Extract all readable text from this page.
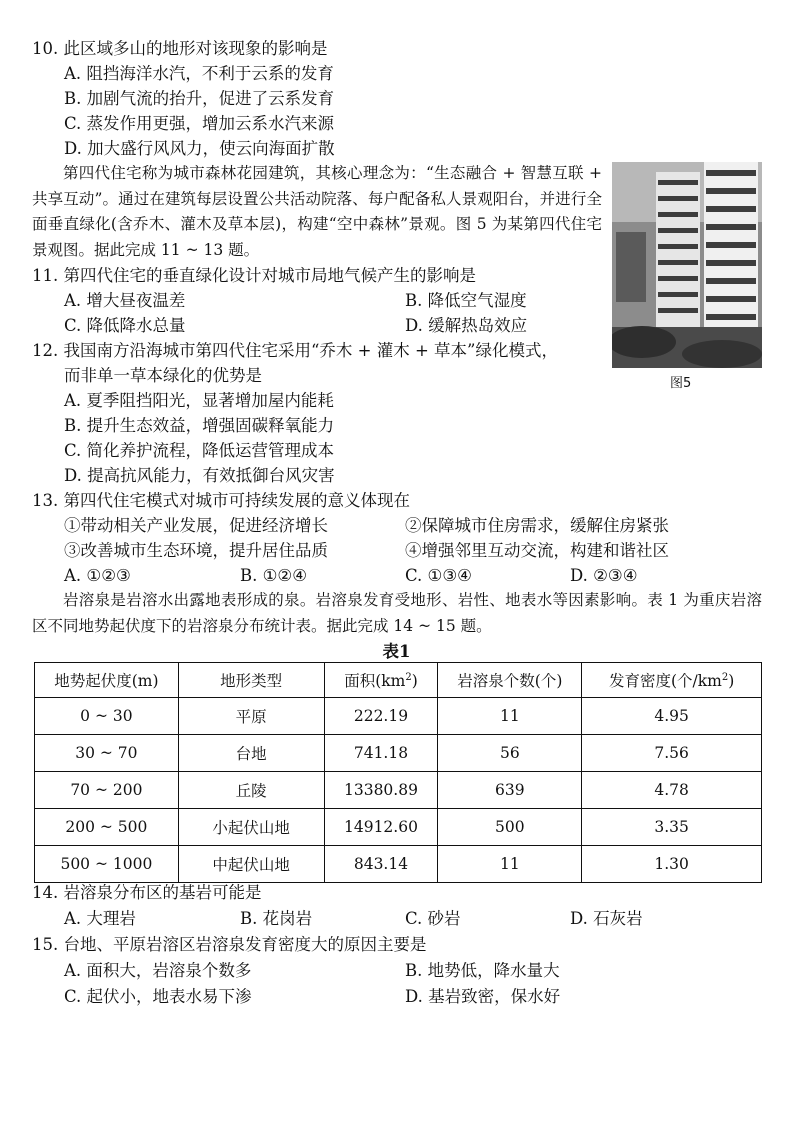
10. 此区域多山的地形对该现象的影响是
A. 阻挡海洋水汽，不利于云系的发育
B. 加剧气流的抬升，促进了云系发育
C. 蒸发作用更强，增加云系水汽来源
D. 加大盛行风风力，使云向海面扩散
第四代住宅称为城市森林花园建筑，其核心理念为：“生态融合 + 智慧互联 + 共享互动”。通过在建筑每层设置公共活动院落、每户配备私人景观阳台，并进行全面垂直绿化(含乔木、灌木及草本层)，构建“空中森林”景观。图 5 为某第四代住宅景观图。据此完成 11 ~ 13 题。
图5
11. 第四代住宅的垂直绿化设计对城市局地气候产生的影响是
A. 增大昼夜温差	B. 降低空气湿度
C. 降低降水总量	D. 缓解热岛效应
12. 我国南方沿海城市第四代住宅采用“乔木 + 灌木 + 草本”绿化模式，
而非单一草本绿化的优势是
A. 夏季阻挡阳光，显著增加屋内能耗
B. 提升生态效益，增强固碳释氧能力
C. 简化养护流程，降低运营管理成本
D. 提高抗风能力，有效抵御台风灾害
13. 第四代住宅模式对城市可持续发展的意义体现在
①带动相关产业发展，促进经济增长	②保障城市住房需求，缓解住房紧张
③改善城市生态环境，提升居住品质	④增强邻里互动交流，构建和谐社区
A. ①②③	B. ①②④	C. ①③④	D. ②③④
岩溶泉是岩溶水出露地表形成的泉。岩溶泉发育受地形、岩性、地表水等因素影响。表 1 为重庆岩溶区不同地势起伏度下的岩溶泉分布统计表。据此完成 14 ~ 15 题。
表1
地势起伏度(m)	地形类型	面积$(km^2)$	岩溶泉个数(个)	发育密度(个$/km^2$)
0 ~ 30	平原	222.19	11	4.95
30 ~ 70	台地	741.18	56	7.56
70 ~ 200	丘陵	13380.89	639	4.78
200 ~ 500	小起伏山地	14912.60	500	3.35
500 ~ 1000	中起伏山地	843.14	11	1.30
14. 岩溶泉分布区的基岩可能是
A. 大理岩	B. 花岗岩	C. 砂岩	D. 石灰岩
15. 台地、平原岩溶区岩溶泉发育密度大的原因主要是
A. 面积大，岩溶泉个数多	B. 地势低，降水量大
C. 起伏小，地表水易下渗	D. 基岩致密，保水好
